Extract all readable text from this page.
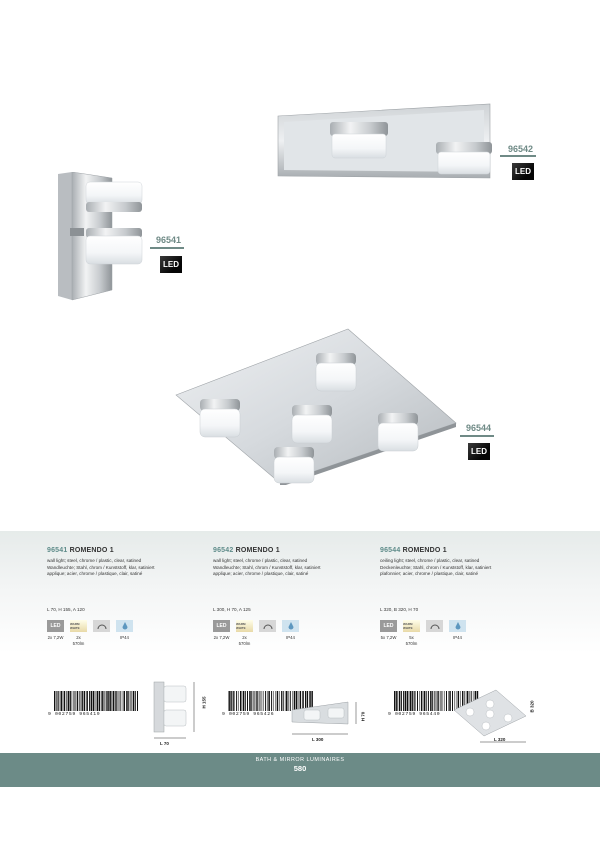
96542
LED
96541
LED
96544
LED
96541 ROMENDO 1
wall light; steel, chrome / plastic, clear, satined
Wandleuchte; Stahl, chrom / Kunststoff, klar, satiniert
applique; acier, chrome / plastique, clair, satiné
L 70, H 155, A 120
LED	WARM WHITE
2x 7,2W	2x
570lm
IP44
96542 ROMENDO 1
wall light; steel, chrome / plastic, clear, satined
Wandleuchte; Stahl, chrom / Kunststoff, klar, satiniert
applique; acier, chrome / plastique, clair, satiné
L 300, H 70, A 125
LED	WARM WHITE
2x 7,2W	2x
570lm
IP44
96544 ROMENDO 1
ceiling light; steel, chrome / plastic, clear, satined
Deckenleuchte; Stahl, chrom / Kunststoff, klar, satiniert
plafonnier; acier, chrome / plastique, clair, satiné
L 320, B 320, H 70
LED	WARM WHITE
5x 7,2W	5x
570lm
IP44
9 002759 965419	9 002759 965426	9 002759 965440
L 70
H 155
L 300
H 70
L 320
B 320
BATH & MIRROR LUMINAIRES
580
